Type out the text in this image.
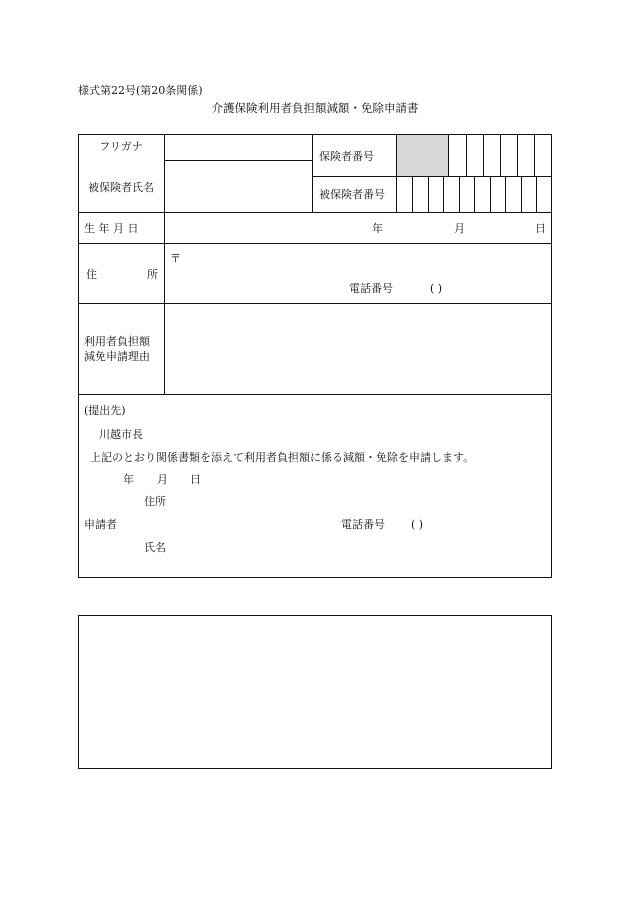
様式第22号(第20条関係)
介護保険利用者負担額減額・免除申請書
フリガナ
被保険者氏名
保険者番号
被保険者番号
生 年 月 日	年	月	日
住	所
〒
電話番号	( )
利用者負担額
減免申請理由
(提出先)
川越市長
上記のとおり関係書類を添えて利用者負担額に係る減額・免除を申請します。
年 月 日
住所
申請者	電話番号 ( )
氏名
